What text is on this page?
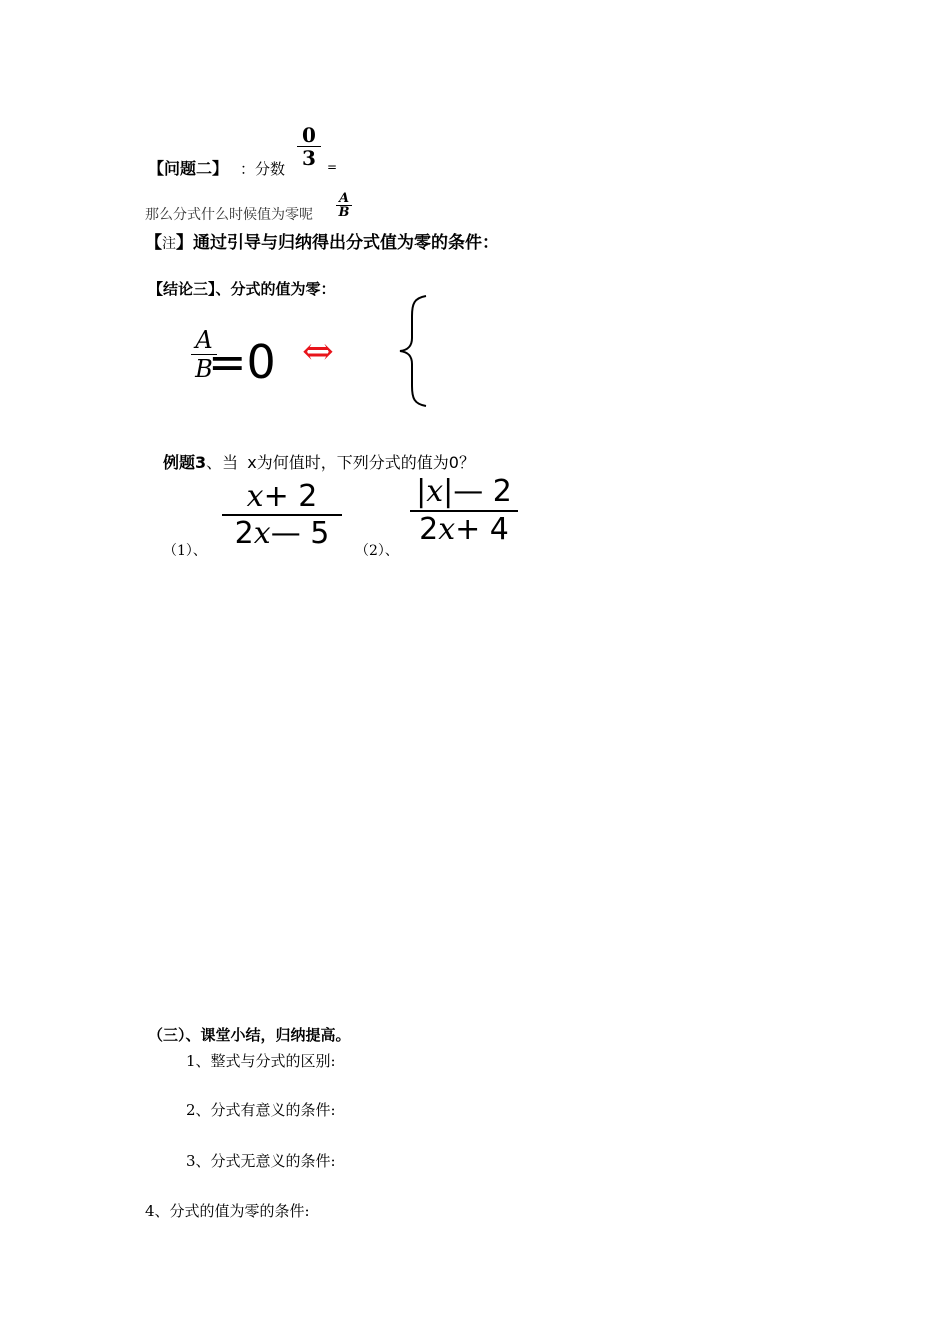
【问题二】 ：分数
0
3 =
那么分式什么时候值为零呢
A
B
【注】通过引导与归纳得出分式值为零的条件：
【结论三】、分式的值为零：
A
B
=0 ⇔
例题3、当 x为何值时，下列分式的值为0？
（1）、
x+ 2
2x— 5 （2）、
|x|— 2
2x+ 4
（三）、课堂小结，归纳提高。
1、整式与分式的区别:
2、分式有意义的条件:
3、分式无意义的条件:
4、分式的值为零的条件:
